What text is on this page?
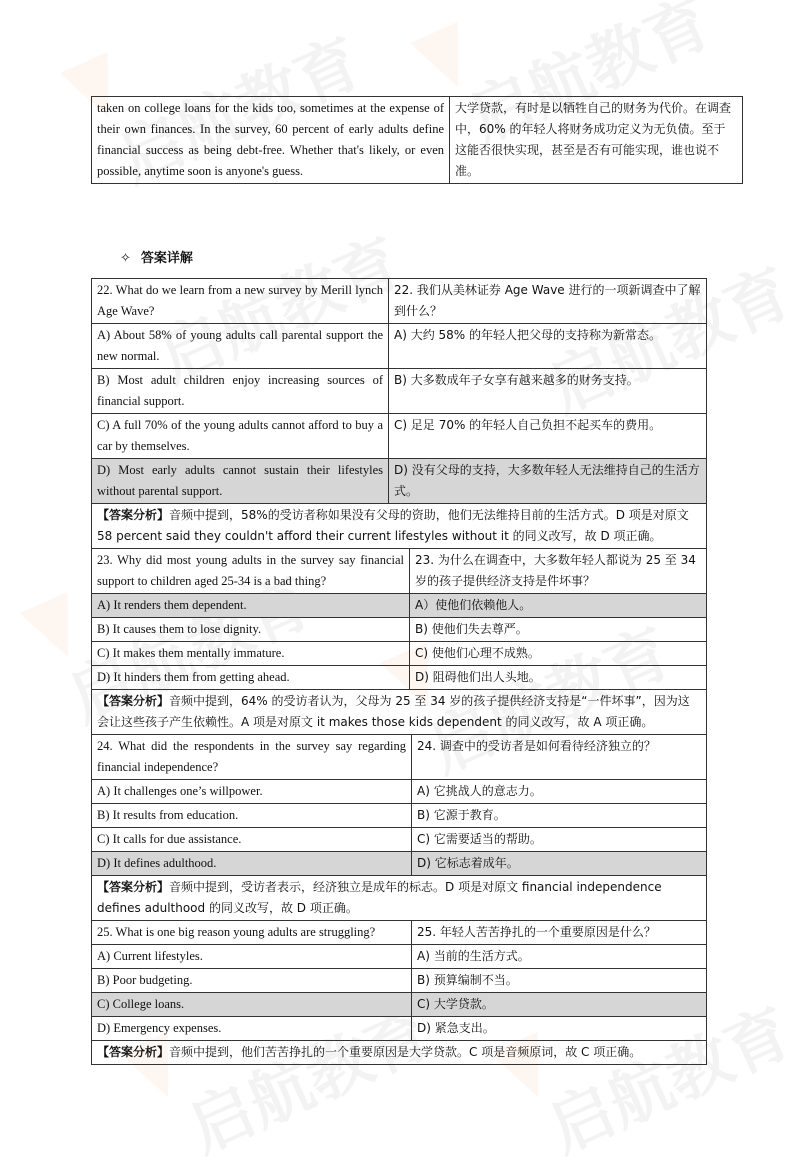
taken on college loans for the kids too, sometimes at the expense of their own finances. In the survey, 60 percent of early adults define financial success as being debt-free. Whether that's likely, or even possible, anytime soon is anyone's guess.	大学贷款，有时是以牺牲自己的财务为代价。在调查中，60% 的年轻人将财务成功定义为无负债。至于这能否很快实现，甚至是否有可能实现，谁也说不准。
✧ 答案详解
22. What do we learn from a new survey by Merill lynch Age Wave?	22. 我们从美林证券 Age Wave 进行的一项新调查中了解到什么？
A) About 58% of young adults call parental support the new normal.	A) 大约 58% 的年轻人把父母的支持称为新常态。
B) Most adult children enjoy increasing sources of financial support.	B) 大多数成年子女享有越来越多的财务支持。
C) A full 70% of the young adults cannot afford to buy a car by themselves.	C) 足足 70% 的年轻人自己负担不起买车的费用。
D) Most early adults cannot sustain their lifestyles without parental support.	D) 没有父母的支持，大多数年轻人无法维持自己的生活方式。
【答案分析】音频中提到，58%的受访者称如果没有父母的资助，他们无法维持目前的生活方式。D 项是对原文 58 percent said they couldn't afford their current lifestyles without it 的同义改写，故 D 项正确。

23. Why did most young adults in the survey say financial support to children aged 25-34 is a bad thing?	23. 为什么在调查中，大多数年轻人都说为 25 至 34 岁的孩子提供经济支持是件坏事？
A) It renders them dependent.	A）使他们依赖他人。
B) It causes them to lose dignity.	B) 使他们失去尊严。
C) It makes them mentally immature.	C) 使他们心理不成熟。
D) It hinders them from getting ahead.	D) 阻碍他们出人头地。
【答案分析】音频中提到，64% 的受访者认为，父母为 25 至 34 岁的孩子提供经济支持是“一件坏事”，因为这会让这些孩子产生依赖性。A 项是对原文 it makes those kids dependent 的同义改写，故 A 项正确。

24. What did the respondents in the survey say regarding financial independence?	24. 调查中的受访者是如何看待经济独立的？
A) It challenges one’s willpower.	A) 它挑战人的意志力。
B) It results from education.	B) 它源于教育。
C) It calls for due assistance.	C) 它需要适当的帮助。
D) It defines adulthood.	D) 它标志着成年。
【答案分析】音频中提到，受访者表示，经济独立是成年的标志。D 项是对原文 financial independence defines adulthood 的同义改写，故 D 项正确。

25. What is one big reason young adults are struggling?	25. 年轻人苦苦挣扎的一个重要原因是什么？
A) Current lifestyles.	A) 当前的生活方式。
B) Poor budgeting.	B) 预算编制不当。
C) College loans.	C) 大学贷款。
D) Emergency expenses.	D) 紧急支出。
【答案分析】音频中提到，他们苦苦挣扎的一个重要原因是大学贷款。C 项是音频原词，故 C 项正确。
